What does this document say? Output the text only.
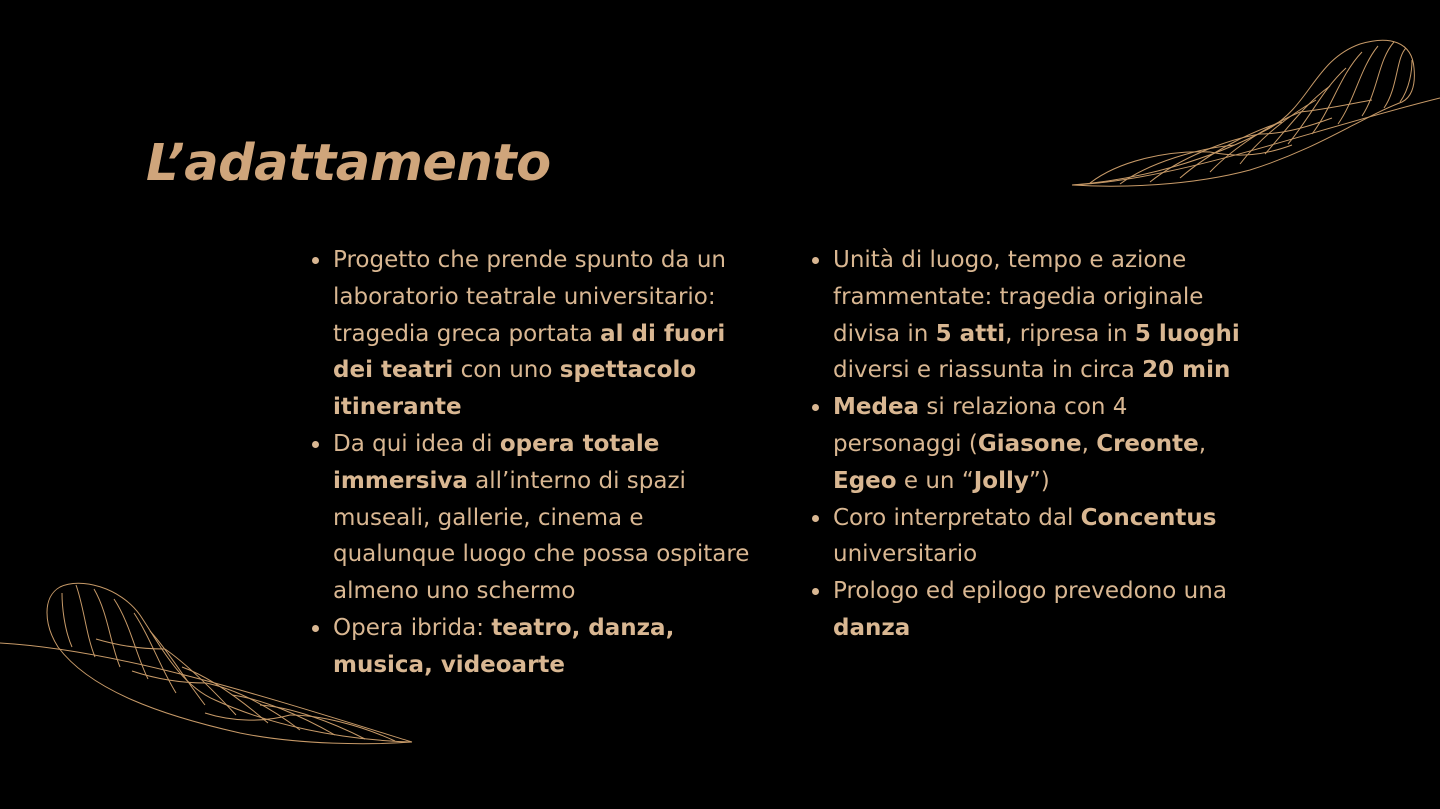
L’adattamento
Progetto che prende spunto da un laboratorio teatrale universitario: tragedia greca portata al di fuori dei teatri con uno spettacolo itinerante
Da qui idea di opera totale immersiva all’interno di spazi museali, gallerie, cinema e qualunque luogo che possa ospitare almeno uno schermo
Opera ibrida: teatro, danza, musica, videoarte
Unità di luogo, tempo e azione frammentate: tragedia originale divisa in 5 atti, ripresa in 5 luoghi diversi e riassunta in circa 20 min
Medea si relaziona con 4 personaggi (Giasone, Creonte, Egeo e un “Jolly”)
Coro interpretato dal Concentus universitario
Prologo ed epilogo prevedono una danza
